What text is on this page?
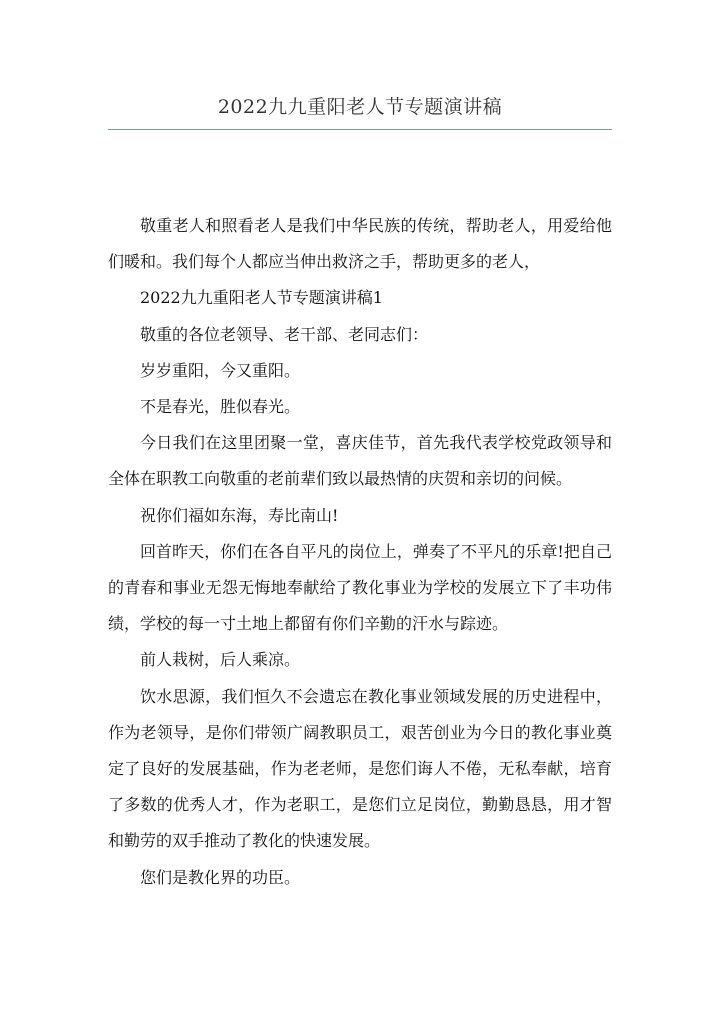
2022九九重阳老人节专题演讲稿

敬重老人和照看老人是我们中华民族的传统，帮助老人，用爱给他们暖和。我们每个人都应当伸出救济之手，帮助更多的老人，

2022九九重阳老人节专题演讲稿1

敬重的各位老领导、老干部、老同志们：

岁岁重阳，今又重阳。

不是春光，胜似春光。

今日我们在这里团聚一堂，喜庆佳节，首先我代表学校党政领导和全体在职教工向敬重的老前辈们致以最热情的庆贺和亲切的问候。

祝你们福如东海，寿比南山!

回首昨天，你们在各自平凡的岗位上，弹奏了不平凡的乐章!把自己的青春和事业无怨无悔地奉献给了教化事业为学校的发展立下了丰功伟绩，学校的每一寸土地上都留有你们辛勤的汗水与踪迹。

前人栽树，后人乘凉。

饮水思源，我们恒久不会遗忘在教化事业领域发展的历史进程中，作为老领导，是你们带领广阔教职员工，艰苦创业为今日的教化事业奠定了良好的发展基础，作为老老师，是您们诲人不倦，无私奉献，培育了多数的优秀人才，作为老职工，是您们立足岗位，勤勤恳恳，用才智和勤劳的双手推动了教化的快速发展。

您们是教化界的功臣。
